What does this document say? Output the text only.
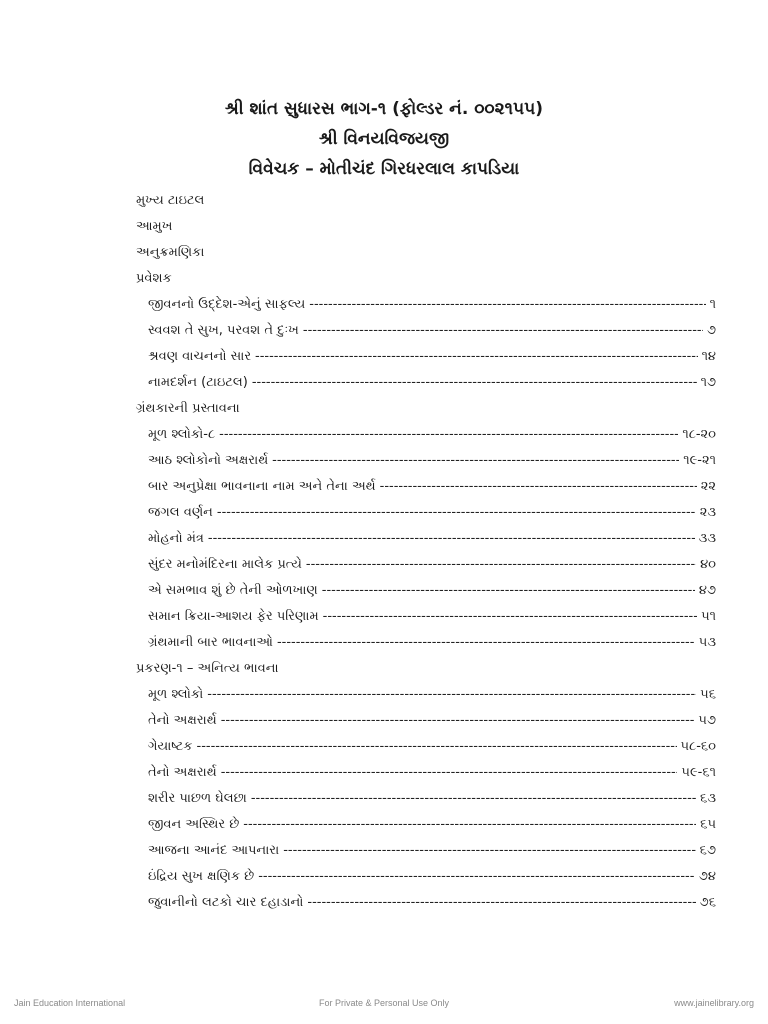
શ્રી શાંત સુધારસ ભાગ-૧ (ફોલ્ડર નં. ૦૦૨૧૫૫)
શ્રી વિનયવિજયજી
વિવેચક – મોતીચંદ ગિરધરલાલ કાપડિયા
મુખ્ય ટાઇટલ
આમુખ
અનુક્રમણિકા
પ્રવેશક
જીવનનો ઉદ્દેશ-એનું સાફલ્ય -----	૧
સ્વવશ તે સુખ, પરવશ તે દુઃખ -----	૭
શ્રવણ વાચનનો સાર -----	૧૪
નામદર્શન (ટાઇટલ) -----	૧૭
ગ્રંથકારની પ્રસ્તાવના
મૂળ શ્લોકો-૮ -----	૧૮-૨૦
આઠ શ્લોકોનો અક્ષરાર્થ -----	૧૯-૨૧
બાર અનુપ્રેક્ષા ભાવનાના નામ અને તેના અર્થ -----	૨૨
જગલ વર્ણન -----	૨૩
મોહનો મંત્ર -----	૩૩
સુંદર મનોમંદિરના માલેક પ્રત્યે -----	૪૦
એ સમભાવ શું છે તેની ઓળખાણ -----	૪૭
સમાન ક્રિયા-આશય ફેર પરિણામ -----	૫૧
ગ્રંથમાની બાર ભાવનાઓ -----	૫૩
પ્રકરણ-૧ – અનિત્ય ભાવના
મૂળ શ્લોકો -----	૫૬
તેનો અક્ષરાર્થ -----	૫૭
ગેયાષ્ટક -----	૫૮-૬૦
તેનો અક્ષરાર્થ -----	૫૯-૬૧
શરીર પાછળ ઘેલછા -----	૬૩
જીવન અસ્થિર છે -----	૬૫
આજના આનંદ આપનારા -----	૬૭
ઇંદ્રિય સુખ ક્ષણિક છે -----	૭૪
જુવાનીનો લટકો ચાર દહાડાનો -----	૭૬
Jain Education International	For Private & Personal Use Only	www.jainelibrary.org
